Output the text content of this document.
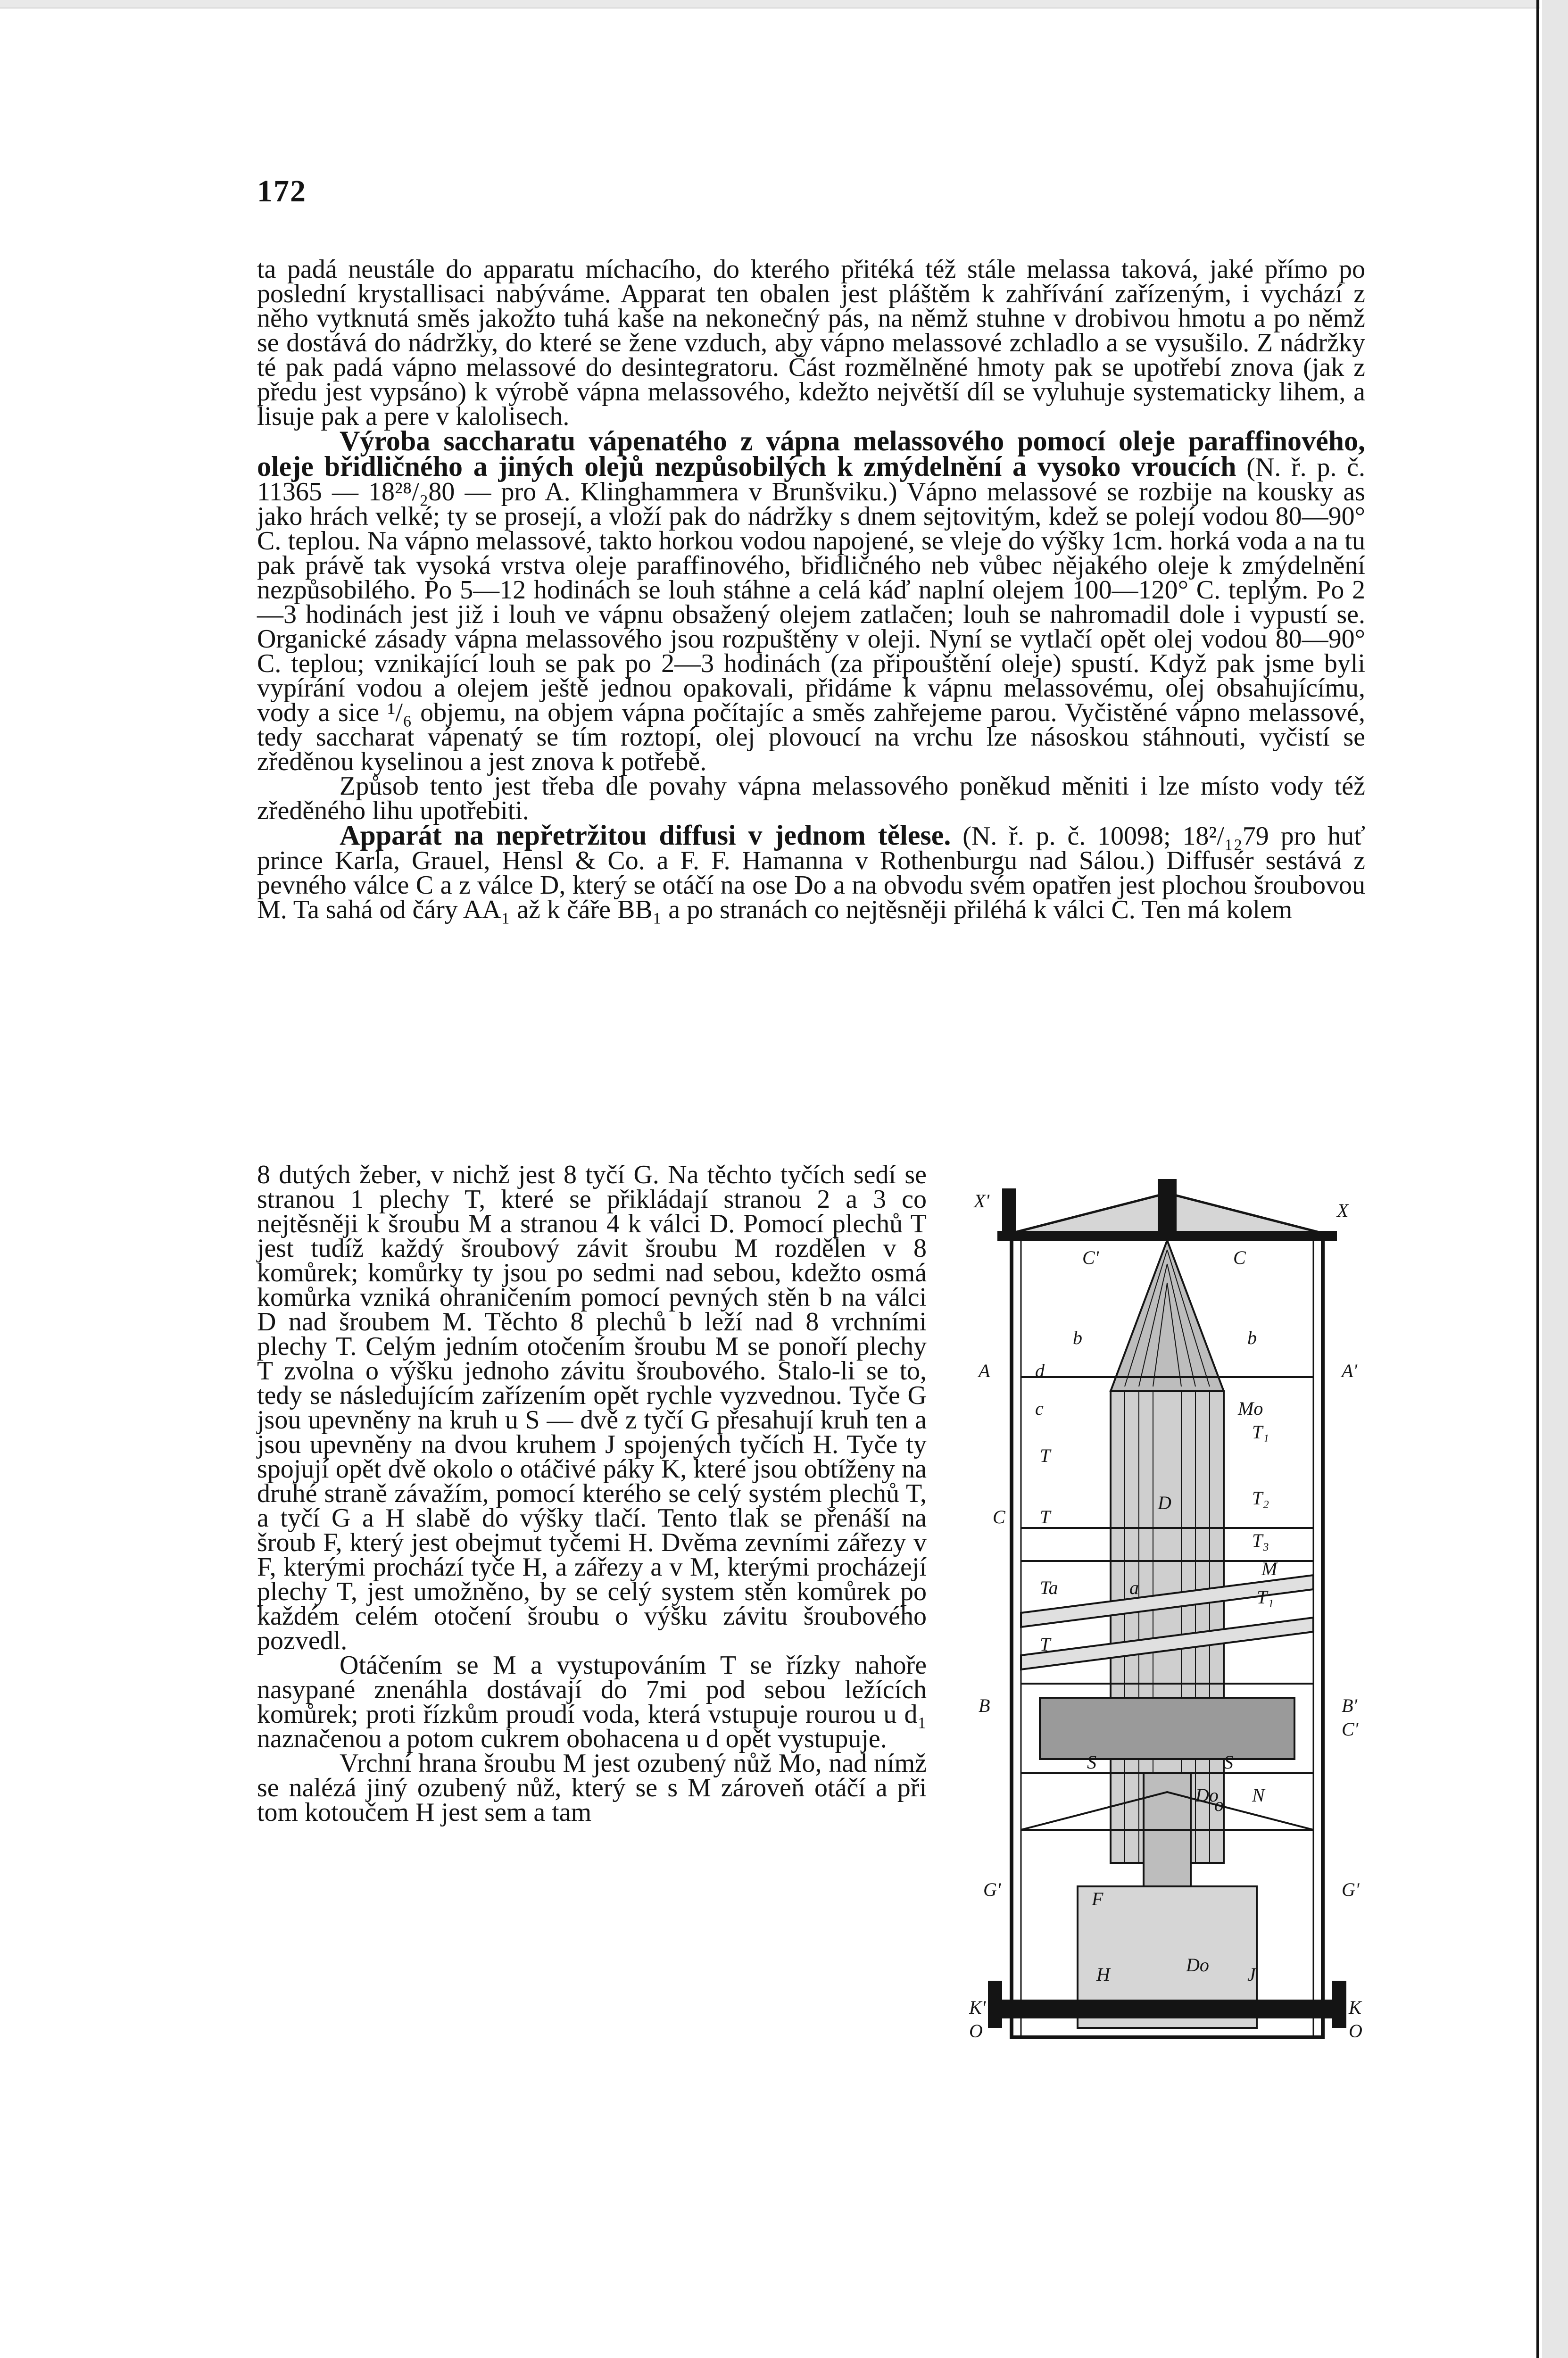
172

ta padá neustále do apparatu míchacího, do kterého přitéká též stále melassa taková, jaké přímo po poslední krystallisaci nabýváme. Apparat ten obalen jest pláštěm k zahřívání zařízeným, i vychází z něho vytknutá směs jakožto tuhá kaše na nekonečný pás, na němž stuhne v drobivou hmotu a po němž se dostává do nádržky, do které se žene vzduch, aby vápno melassové zchladlo a se vysušilo. Z nádržky té pak padá vápno melassové do desintegratoru. Část rozmělněné hmoty pak se upotřebí znova (jak z předu jest vypsáno) k výrobě vápna melassového, kdežto největší díl se vyluhuje systematicky lihem, a lisuje pak a pere v kalolisech.

Výroba saccharatu vápenatého z vápna melassového pomocí oleje paraffinového, oleje břidličného a jiných olejů nezpůsobilých k zmýdelnění a vysoko vroucích (N. ř. p. č. 11365 — 18²⁸/₂80 — pro A. Klinghammera v Brunšviku.) Vápno melassové se rozbije na kousky as jako hrách velké; ty se prosejí, a vloží pak do nádržky s dnem sejtovitým, kdež se polejí vodou 80—90° C. teplou. Na vápno melassové, takto horkou vodou napojené, se vleje do výšky 1cm. horká voda a na tu pak právě tak vysoká vrstva oleje paraffinového, břidličného neb vůbec nějakého oleje k zmýdelnění nezpůsobilého. Po 5—12 hodinách se louh stáhne a celá káď naplní olejem 100—120° C. teplým. Po 2—3 hodinách jest již i louh ve vápnu obsažený olejem zatlačen; louh se nahromadil dole i vypustí se. Organické zásady vápna melassového jsou rozpuštěny v oleji. Nyní se vytlačí opět olej vodou 80—90° C. teplou; vznikající louh se pak po 2—3 hodinách (za připouštění oleje) spustí. Když pak jsme byli vypírání vodou a olejem ještě jednou opakovali, přidáme k vápnu melassovému, olej obsahujícímu, vody a sice ¹/₆ objemu, na objem vápna počítajíc a směs zahřejeme parou. Vyčistěné vápno melassové, tedy saccharat vápenatý se tím roztopí, olej plovoucí na vrchu lze násoskou stáhnouti, vyčistí se zředěnou kyselinou a jest znova k potřebě.

Způsob tento jest třeba dle povahy vápna melassového poněkud měniti i lze místo vody též zředěného lihu upotřebiti.

Apparát na nepřetržitou diffusi v jednom tělese. (N. ř. p. č. 10098; 18²/₁₂79 pro huť prince Karla, Grauel, Hensl & Co. a F. F. Hamanna v Rothenburgu nad Sálou.) Diffusér sestává z pevného válce C a z válce D, který se otáčí na ose Do a na obvodu svém opatřen jest plochou šroubovou M. Ta sahá od čáry AA₁ až k čáře BB₁ a po stranách co nejtěsněji přiléhá k válci C. Ten má kolem

8 dutých žeber, v nichž jest 8 tyčí G. Na těchto tyčích sedí se stranou 1 plechy T, které se přikládají stranou 2 a 3 co nejtěsněji k šroubu M a stranou 4 k válci D. Pomocí plechů T jest tudíž každý šroubový závit šroubu M rozdělen v 8 komůrek; komůrky ty jsou po sedmi nad sebou, kdežto osmá komůrka vzniká ohraničením pomocí pevných stěn b na válci D nad šroubem M. Těchto 8 plechů b leží nad 8 vrchními plechy T. Celým jedním otočením šroubu M se ponoří plechy T zvolna o výšku jednoho závitu šroubového. Stalo-li se to, tedy se následujícím zařízením opět rychle vyzvednou. Tyče G jsou upevněny na kruh u S — dvě z tyčí G přesahují kruh ten a jsou upevněny na dvou kruhem J spojených tyčích H. Tyče ty spojují opět dvě okolo o otáčivé páky K, které jsou obtíženy na druhé straně závažím, pomocí kterého se celý systém plechů T, a tyčí G a H slabě do výšky tlačí. Tento tlak se přenáší na šroub F, který jest obejmut tyčemi H. Dvěma zevními zářezy v F, kterými prochází tyče H, a zářezy a v M, kterými procházejí plechy T, jest umožněno, by se celý system stěn komůrek po každém celém otočení šroubu o výšku závitu šroubového pozvedl.

Otáčením se M a vystupováním T se řízky nahoře nasypané znenáhla dostávají do 7mi pod sebou ležících komůrek; proti řízkům proudí voda, která vstupuje rourou u d₁ naznačenou a potom cukrem obohacena u d opět vystupuje.

Vrchní hrana šroubu M jest ozubený nůž Mo, nad nímž se nalézá jiný ozubený nůž, který se s M zároveň otáčí a při tom kotoučem H jest sem a tam

X'	X
C'	C
b	b
A	A'
d
c	Mo
T₁
T
T₂
D
C T
T₃
M
Ta	a	T₁
T
B	B'
C'
S	S
Do N
o
G'	G'
F
Do
H	J
K'	K
O	O
